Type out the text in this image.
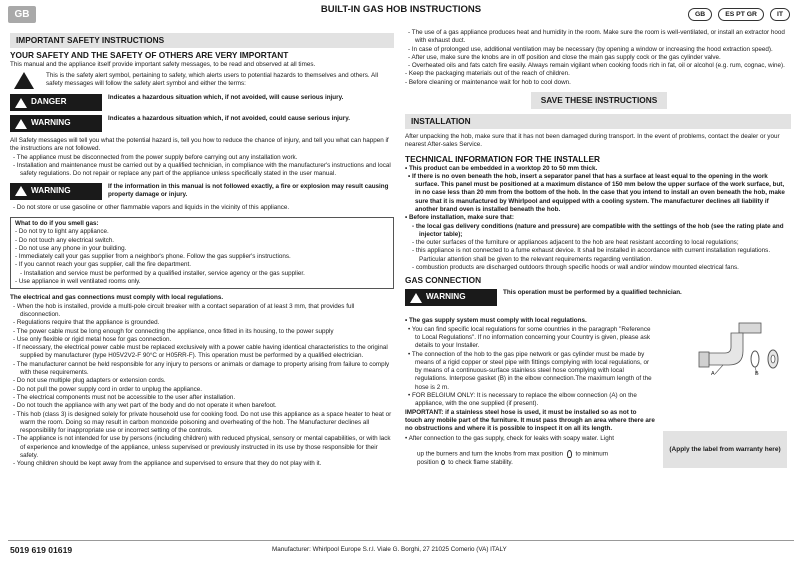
GB	BUILT-IN GAS HOB INSTRUCTIONS	GB	ES PT GR	IT
IMPORTANT SAFETY INSTRUCTIONS
YOUR SAFETY AND THE SAFETY OF OTHERS ARE VERY IMPORTANT
This manual and the appliance itself provide important safety messages, to be read and observed at all times.
This is the safety alert symbol, pertaining to safety, which alerts users to potential hazards to themselves and others. All safety messages will follow the safety alert symbol and either the terms:
DANGER	Indicates a hazardous situation which, if not avoided, will cause serious injury.
WARNING	Indicates a hazardous situation which, if not avoided, could cause serious injury.
All Safety messages will tell you what the potential hazard is, tell you how to reduce the chance of injury, and tell you what can happen if the instructions are not followed.
- The appliance must be disconnected from the power supply before carrying out any installation work.
- Installation and maintenance must be carried out by a qualified technician, in compliance with the manufacturer's instructions and local safety regulations. Do not repair or replace any part of the appliance unless specifically stated in the user manual.
WARNING	If the information in this manual is not followed exactly, a fire or explosion may result causing property damage or injury.
- Do not store or use gasoline or other flammable vapors and liquids in the vicinity of this appliance.
What to do if you smell gas:
- Do not try to light any appliance.
- Do not touch any electrical switch.
- Do not use any phone in your building.
- Immediately call your gas supplier from a neighbor's phone. Follow the gas supplier's instructions.
- If you cannot reach your gas supplier, call the fire department.
- Installation and service must be performed by a qualified installer, service agency or the gas supplier.
- Use appliance in well ventilated rooms only.
The electrical and gas connections must comply with local regulations.
- When the hob is installed, provide a multi-pole circuit breaker with a contact separation of at least 3 mm, that provides full disconnection.
- Regulations require that the appliance is grounded.
- The power cable must be long enough for connecting the appliance, once fitted in its housing, to the power supply
- Use only flexible or rigid metal hose for gas connection.
- If necessary, the electrical power cable must be replaced exclusively with a power cable having identical characteristics to the original supplied by manufacturer (type H05V2V2-F 90°C or H05RR-F). This operation must be performed by a qualified electrician.
- The manufacturer cannot be held responsible for any injury to persons or animals or damage to property arising from failure to comply with these requirements.
- Do not use multiple plug adapters or extension cords.
- Do not pull the power supply cord in order to unplug the appliance.
- The electrical components must not be accessible to the user after installation.
- Do not touch the appliance with any wet part of the body and do not operate it when barefoot.
- This hob (class 3) is designed solely for private household use for cooking food. Do not use this appliance as a space heater to heat or warm the room. Doing so may result in carbon monoxide poisoning and overheating of the hob. The Manufacturer declines all responsibility for inappropriate use or incorrect setting of the controls.
- The appliance is not intended for use by persons (including children) with reduced physical, sensory or mental capabilities, or with lack of experience and knowledge of the appliance, unless supervised or previously instructed in its use by those responsible for their safety.
- Young children should be kept away from the appliance and supervised to ensure that they do not play with it.
- The use of a gas appliance produces heat and humidity in the room. Make sure the room is well-ventilated, or install an extractor hood with exhaust duct.
- In case of prolonged use, additional ventilation may be necessary (by opening a window or increasing the hood extraction speed).
- After use, make sure the knobs are in off position and close the main gas supply cock or the gas cylinder valve.
- Overheated oils and fats catch fire easily. Always remain vigilant when cooking foods rich in fat, oil or alcohol (e.g. rum, cognac, wine).
- Keep the packaging materials out of the reach of children.
- Before cleaning or maintenance wait for hob to cool down.
SAVE THESE INSTRUCTIONS
INSTALLATION
After unpacking the hob, make sure that it has not been damaged during transport. In the event of problems, contact the dealer or your nearest After-sales Service.
TECHNICAL INFORMATION FOR THE INSTALLER
• This product can be embedded in a worktop 20 to 50 mm thick.
• If there is no oven beneath the hob, insert a separator panel that has a surface at least equal to the opening in the work surface. This panel must be positioned at a maximum distance of 150 mm below the upper surface of the work surface, but, in no case less than 20 mm from the bottom of the hob. In the case that you intend to install an oven beneath the hob, make sure that it is manufactured by Whirlpool and equipped with a cooling system. The manufacturer declines all liability if another brand oven is installed beneath the hob.
• Before installation, make sure that:
- the local gas delivery conditions (nature and pressure) are compatible with the settings of the hob (see the rating plate and injector table);
- the outer surfaces of the furniture or appliances adjacent to the hob are heat resistant according to local regulations;
- this appliance is not connected to a fume exhaust device. It shall be installed in accordance with current installation regulations. Particular attention shall be given to the relevant requirements regarding ventilation.
- combustion products are discharged outdoors through specific hoods or wall and/or window mounted electrical fans.
GAS CONNECTION
WARNING	This operation must be performed by a qualified technician.
• The gas supply system must comply with local regulations.
• You can find specific local regulations for some countries in the paragraph "Reference to Local Regulations". If no information concerning your Country is given, please ask details to your Installer.
• The connection of the hob to the gas pipe network or gas cylinder must be made by means of a rigid copper or steel pipe with fittings complying with local regulations, or by means of a continuous-surface stainless steel hose complying with local regulations. Interpose gasket (B) in the elbow connection.The maximum length of the hose is 2 m.
• FOR BELGIUM ONLY: It is necessary to replace the elbow connection (A) on the appliance, with the one supplied (if present).
A	B
IMPORTANT: if a stainless steel hose is used, it must be installed so as not to touch any mobile part of the furniture. It must pass through an area where there are no obstructions and where it is possible to inspect it on all its length.
• After connection to the gas supply, check for leaks with soapy water. Light
up the burners and turn the knobs from max position to minimum
position to check flame stability.
(Apply the label from warranty here)
5019 619 01619	Manufacturer: Whirlpool Europe S.r.l. Viale G. Borghi, 27 21025 Comerio (VA) ITALY
